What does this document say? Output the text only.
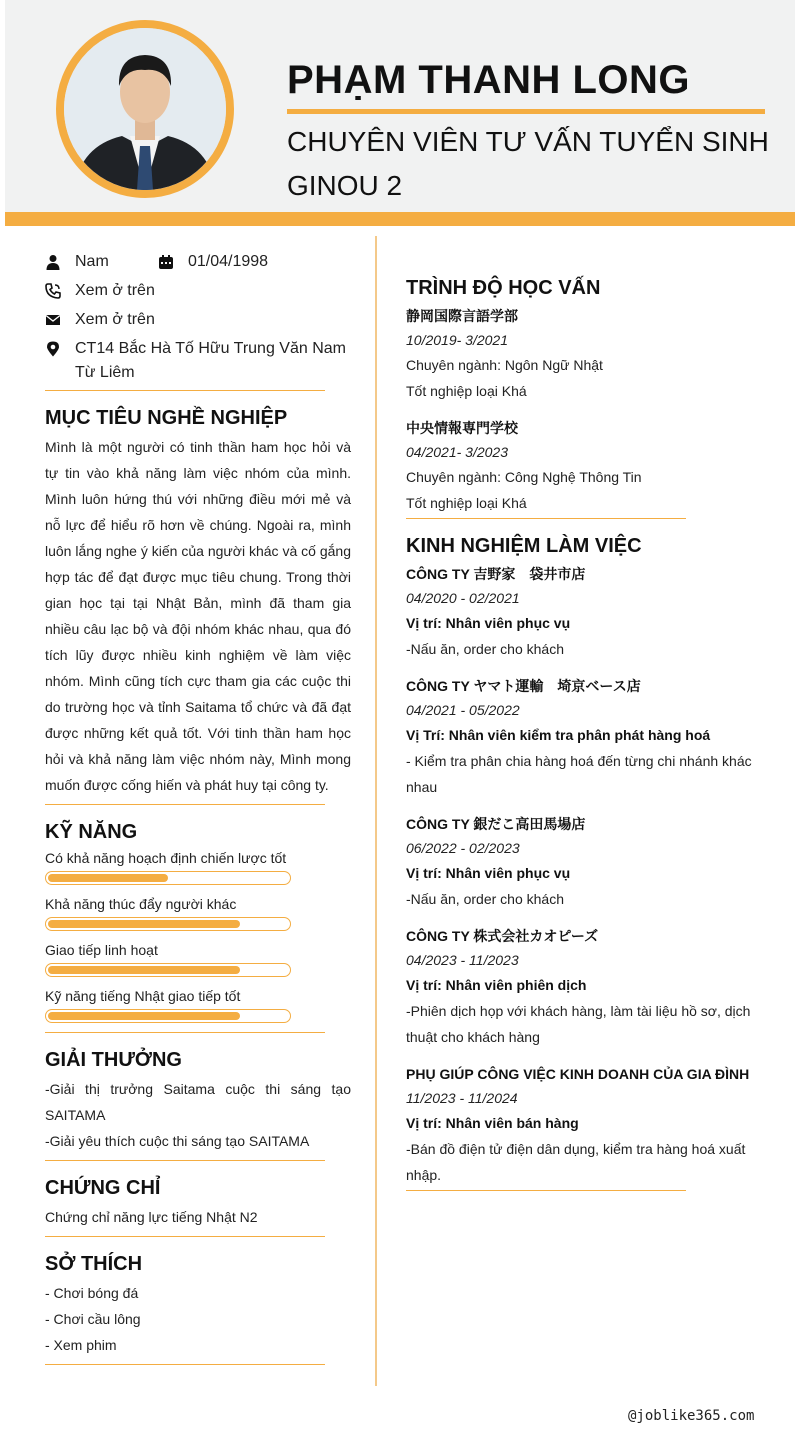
PHẠM THANH LONG
CHUYÊN VIÊN TƯ VẤN TUYỂN SINH GINOU 2
Nam	01/04/1998
Xem ở trên
Xem ở trên
CT14 Bắc Hà Tố Hữu Trung Văn Nam Từ Liêm
MỤC TIÊU NGHỀ NGHIỆP
Mình là một người có tinh thần ham học hỏi và tự tin vào khả năng làm việc nhóm của mình. Mình luôn hứng thú với những điều mới mẻ và nỗ lực để hiểu rõ hơn về chúng. Ngoài ra, mình luôn lắng nghe ý kiến của người khác và cố gắng hợp tác để đạt được mục tiêu chung. Trong thời gian học tại tại Nhật Bản, mình đã tham gia nhiều câu lạc bộ và đội nhóm khác nhau, qua đó tích lũy được nhiều kinh nghiệm về làm việc nhóm. Mình cũng tích cực tham gia các cuộc thi do trường học và tỉnh Saitama tổ chức và đã đạt được những kết quả tốt. Với tinh thần ham học hỏi và khả năng làm việc nhóm này, Mình mong muốn được cống hiến và phát huy tại công ty.
KỸ NĂNG
Có khả năng hoạch định chiến lược tốt
Khả năng thúc đẩy người khác
Giao tiếp linh hoạt
Kỹ năng tiếng Nhật giao tiếp tốt
GIẢI THƯỞNG
-Giải thị trưởng Saitama cuộc thi sáng tạo SAITAMA
-Giải yêu thích cuộc thi sáng tạo SAITAMA
CHỨNG CHỈ
Chứng chỉ năng lực tiếng Nhật N2
SỞ THÍCH
- Chơi bóng đá
- Chơi cầu lông
- Xem phim
TRÌNH ĐỘ HỌC VẤN
静岡国際言語学部
10/2019- 3/2021
Chuyên ngành: Ngôn Ngữ Nhật
Tốt nghiệp loại Khá
中央情報専門学校
04/2021- 3/2023
Chuyên ngành: Công Nghệ Thông Tin
Tốt nghiệp loại Khá
KINH NGHIỆM LÀM VIỆC
CÔNG TY 吉野家　袋井市店
04/2020 - 02/2021
Vị trí: Nhân viên phục vụ
-Nấu ăn, order cho khách
CÔNG TY ヤマト運輸　埼京ベース店
04/2021 - 05/2022
Vị Trí: Nhân viên kiểm tra phân phát hàng hoá
- Kiểm tra phân chia hàng hoá đến từng chi nhánh khác nhau
CÔNG TY 銀だこ高田馬場店
06/2022 - 02/2023
Vị trí: Nhân viên phục vụ
-Nấu ăn, order cho khách
CÔNG TY 株式会社カオピーズ
04/2023 - 11/2023
Vị trí: Nhân viên phiên dịch
-Phiên dịch họp với khách hàng, làm tài liệu hồ sơ, dịch thuật cho khách hàng
PHỤ GIÚP CÔNG VIỆC KINH DOANH CỦA GIA ĐÌNH
11/2023 - 11/2024
Vị trí: Nhân viên bán hàng
-Bán đồ điện tử điện dân dụng, kiểm tra hàng hoá xuất nhập.
@joblike365.com
